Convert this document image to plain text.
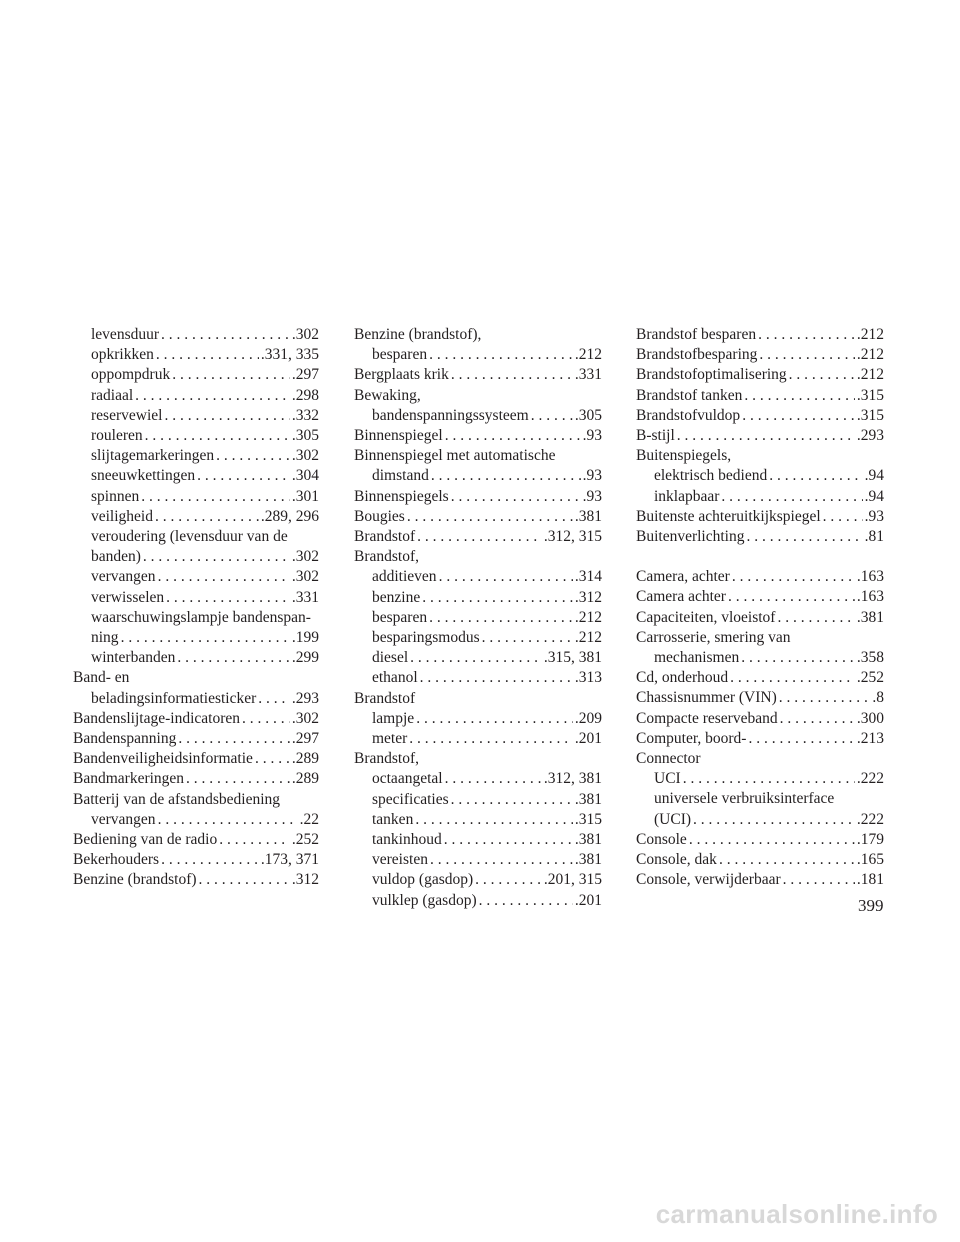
levensduur . . .	.302
opkrikken . . .	.331, 335
oppompdruk . . .	.297
radiaal . . .	.298
reservewiel . . .	.332
rouleren . . .	.305
slijtagemarkeringen . . .	.302
sneeuwkettingen . . .	.304
spinnen . . .	.301
veiligheid . . .	.289, 296
veroudering (levensduur van de
banden) . . .	.302
vervangen . . .	.302
verwisselen . . .	.331
waarschuwingslampje bandenspan-
ning . . .	.199
winterbanden . . .	.299
Band- en
beladingsinformatiesticker . . . .293
Bandenslijtage-indicatoren . . .	.302
Bandenspanning . . .	.297
Bandenveiligheidsinformatie . . .	.289
Bandmarkeringen . . .	.289
Batterij van de afstandsbediening
vervangen . . .	.22
Bediening van de radio . . .	.252
Bekerhouders . . .	.173, 371
Benzine (brandstof) . . .	.312
Benzine (brandstof),
besparen . . .	.212
Bergplaats krik . . .	.331
Bewaking,
bandenspanningssysteem . . .	.305
Binnenspiegel . . .	.93
Binnenspiegel met automatische
dimstand . . .	.93
Binnenspiegels . . .	.93
Bougies . . .	.381
Brandstof . . .	.312, 315
Brandstof,
additieven . . .	.314
benzine . . .	.312
besparen . . .	.212
besparingsmodus . . .	.212
diesel . . .	.315, 381
ethanol . . .	.313
Brandstof
lampje . . .	.209
meter . . .	.201
Brandstof,
octaangetal . . .	.312, 381
specificaties . . .	.381
tanken . . .	.315
tankinhoud . . .	.381
vereisten . . .	.381
vuldop (gasdop) . . .	.201, 315
vulklep (gasdop) . . .	.201
Brandstof besparen . . .	.212
Brandstofbesparing . . .	.212
Brandstofoptimalisering . . .	.212
Brandstof tanken . . .	.315
Brandstofvuldop . . .	.315
B-stijl . . .	.293
Buitenspiegels,
elektrisch bediend . . .	.94
inklapbaar . . .	.94
Buitenste achteruitkijkspiegel . . .	.93
Buitenverlichting . . .	.81
Camera, achter . . .	.163
Camera achter . . .	.163
Capaciteiten, vloeistof . . .	.381
Carrosserie, smering van
mechanismen . . .	.358
Cd, onderhoud . . .	.252
Chassisnummer (VIN) . . .	.8
Compacte reserveband . . .	.300
Computer, boord- . . .	.213
Connector
UCI . . .	.222
universele verbruiksinterface
(UCI) . . .	.222
Console . . .	.179
Console, dak . . .	.165
Console, verwijderbaar . . .	.181
399
carmanualsonline.info
